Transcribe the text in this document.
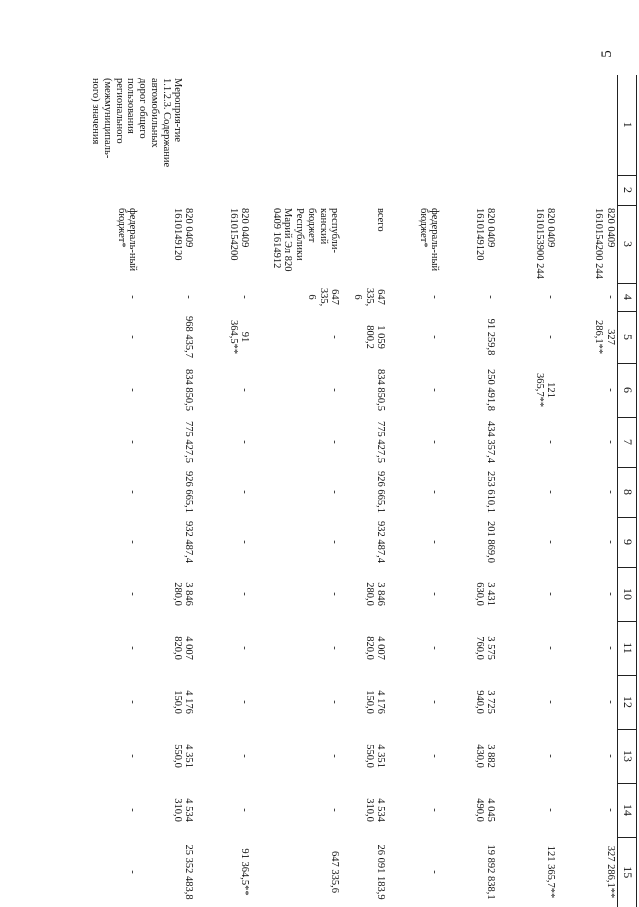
5
1	2	3	4	5	6	7	8	9	10	11	12	13	14	15
Мероприя-тие 1.1.2.3. Содержание автомобильных дорог общего пользования регионального (межмуниципаль-ного) значения		820 0409 1610154200 244	-	327 286,1**	-	-	-	-	-	-	-	-	-	327 286,1**
		820 0409 1610153900 244	-	-	121 365,7**	-	-	-	-	-	-	-	-	121 365,7**
		820 0409 1610149120	-	91 259,8	250 491,8	434 357,4	253 610,1	201 869,0	3 431 630,0	3 575 760,0	3 725 940,0	3 882 430,0	4 045 490,0	19 892 838,1
		федераль-ный бюджет*	-	-	-	-	-	-	-	-	-	-	-	-
		всего	647 335,6	1 059 800,2	834 850,5	775 427,5	926 665,1	932 487,4	3 846 280,0	4 007 820,0	4 176 150,0	4 351 550,0	4 534 310,0	26 091 183,9
		республи-канский бюджет Республики Марий Эл 820 0409 1614912	647 335,6	-	-	-	-	-	-	-	-	-	-	647 335,6
		820 0409 1610154200	-	91 364,5**	-	-	-	-	-	-	-	-	-	91 364,5**
		820 0409 1610149120	-	968 435,7	834 850,5	775 427,5	926 665,1	932 487,4	3 846 280,0	4 007 820,0	4 176 150,0	4 351 550,0	4 534 310,0	25 352 483,8
		федераль-ный бюджет*	-	-	-	-	-	-	-	-	-	-	-	-
